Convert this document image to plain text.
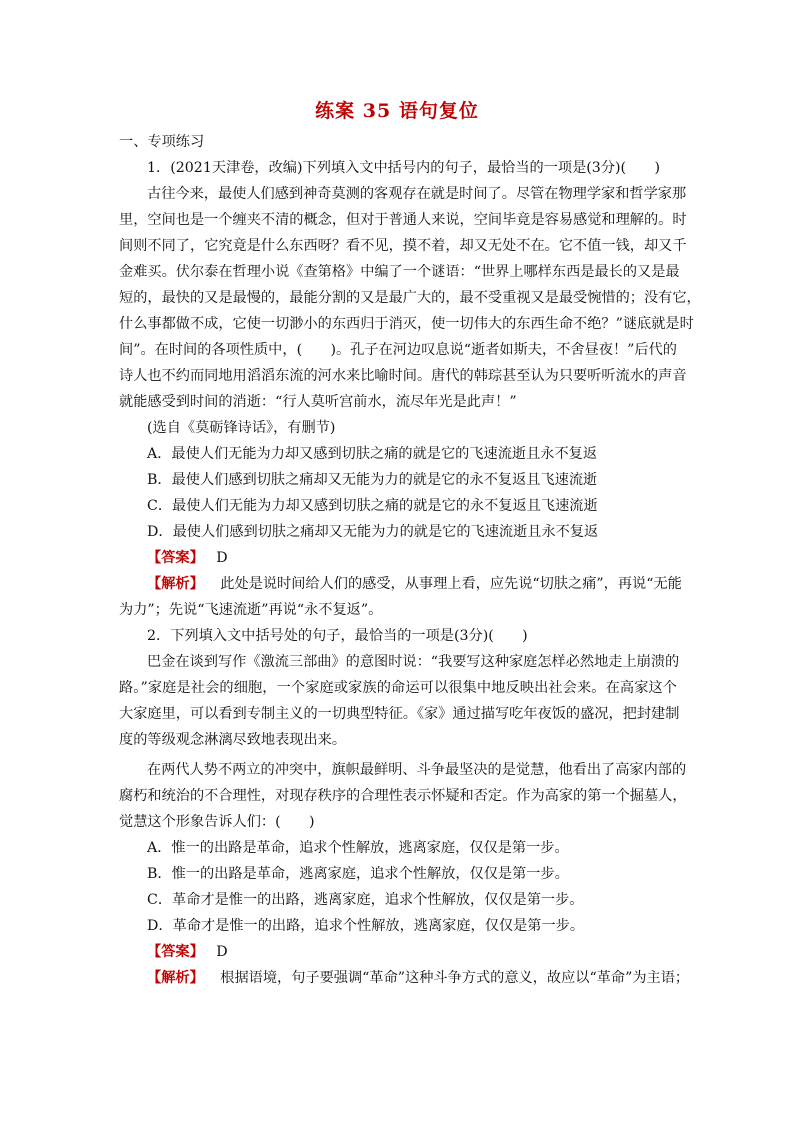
练案 35 语句复位
一、专项练习
1．(2021天津卷，改编)下列填入文中括号内的句子，最恰当的一项是(3分)(　　)
古往今来，最使人们感到神奇莫测的客观存在就是时间了。尽管在物理学家和哲学家那
里，空间也是一个缠夹不清的概念，但对于普通人来说，空间毕竟是容易感觉和理解的。时
间则不同了，它究竟是什么东西呀？看不见，摸不着，却又无处不在。它不值一钱，却又千
金难买。伏尔泰在哲理小说《查第格》中编了一个谜语：“世界上哪样东西是最长的又是最
短的，最快的又是最慢的，最能分割的又是最广大的，最不受重视又是最受惋惜的；没有它，
什么事都做不成，它使一切渺小的东西归于消灭，使一切伟大的东西生命不绝？”谜底就是时
间”。在时间的各项性质中，(　　)。孔子在河边叹息说“逝者如斯夫，不舍昼夜！”后代的
诗人也不约而同地用滔滔东流的河水来比喻时间。唐代的韩琮甚至认为只要听听流水的声音
就能感受到时间的消逝：“行人莫听宫前水，流尽年光是此声！”
(选自《莫砺锋诗话》，有删节)
A．最使人们无能为力却又感到切肤之痛的就是它的飞速流逝且永不复返
B．最使人们感到切肤之痛却又无能为力的就是它的永不复返且飞速流逝
C．最使人们无能为力却又感到切肤之痛的就是它的永不复返且飞速流逝
D．最使人们感到切肤之痛却又无能为力的就是它的飞速流逝且永不复返
【答案】 D
【解析】 此处是说时间给人们的感受，从事理上看，应先说“切肤之痛”，再说“无能
为力”；先说“飞速流逝”再说“永不复返”。
2．下列填入文中括号处的句子，最恰当的一项是(3分)(　　)
巴金在谈到写作《激流三部曲》的意图时说：“我要写这种家庭怎样必然地走上崩溃的
路。”家庭是社会的细胞，一个家庭或家族的命运可以很集中地反映出社会来。在高家这个
大家庭里，可以看到专制主义的一切典型特征。《家》通过描写吃年夜饭的盛况，把封建制
度的等级观念淋漓尽致地表现出来。
在两代人势不两立的冲突中，旗帜最鲜明、斗争最坚决的是觉慧，他看出了高家内部的
腐朽和统治的不合理性，对现存秩序的合理性表示怀疑和否定。作为高家的第一个掘墓人，
觉慧这个形象告诉人们：(　　)
A．惟一的出路是革命，追求个性解放，逃离家庭，仅仅是第一步。
B．惟一的出路是革命，逃离家庭，追求个性解放，仅仅是第一步。
C．革命才是惟一的出路，逃离家庭，追求个性解放，仅仅是第一步。
D．革命才是惟一的出路，追求个性解放，逃离家庭，仅仅是第一步。
【答案】 D
【解析】 根据语境，句子要强调“革命”这种斗争方式的意义，故应以“革命”为主语；
